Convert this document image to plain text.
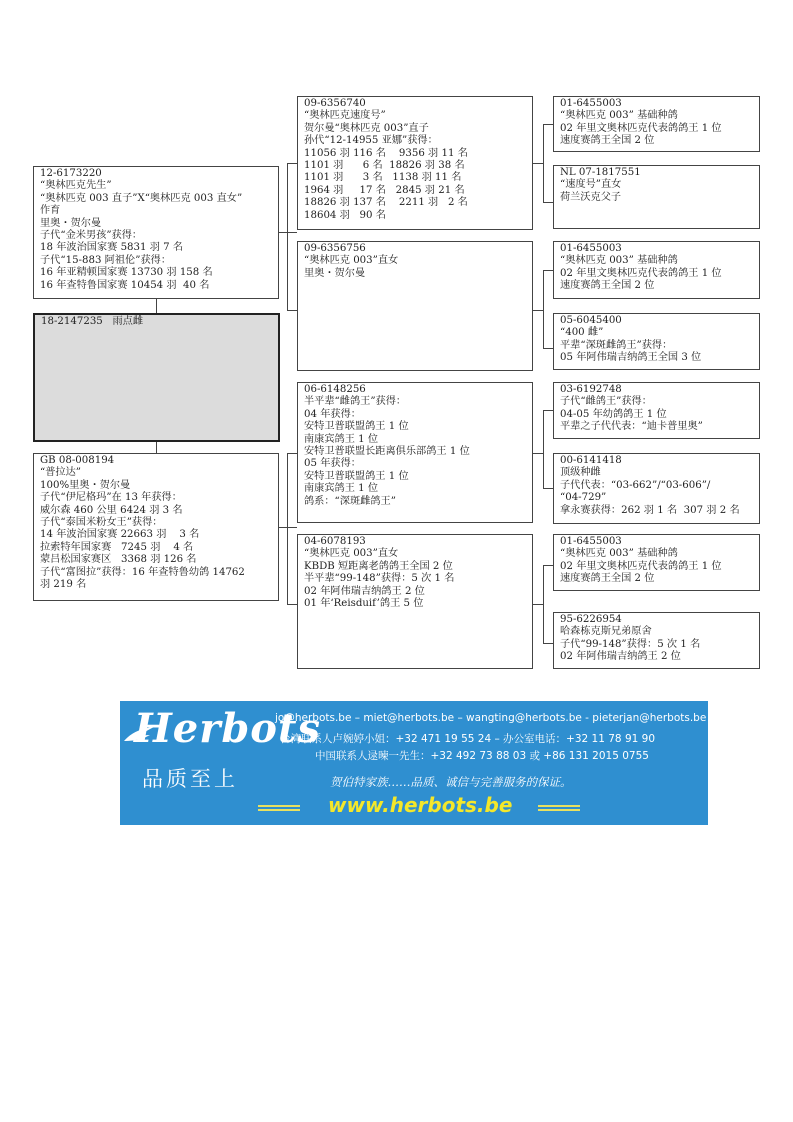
12-6173220
“奥林匹克先生”
“奥林匹克 003 直子”X“奥林匹克 003 直女”
作育
里奥・贺尔曼
子代“金米男孩”获得：
18 年波治国家赛 5831 羽 7 名
子代“15-883 阿祖伦”获得：
16 年亚精顿国家赛 13730 羽 158 名
16 年查特鲁国家赛 10454 羽  40 名
18-2147235 雨点雌
GB 08-008194
“普拉达”
100%里奥・贺尔曼
子代“伊尼格玛”在 13 年获得：
威尔森 460 公里 6424 羽 3 名
子代“泰国米粉女王”获得：
14 年波治国家赛 22663 羽    3 名
拉索特年国家赛   7245 羽    4 名
蒙吕松国家赛区   3368 羽 126 名
子代“富图拉”获得：16 年查特鲁幼鸽 14762
羽 219 名
09-6356740
“奥林匹克速度号”
贺尔曼“奥林匹克 003”直子
孙代“12-14955 亚娜”获得：
11056 羽 116 名    9356 羽 11 名
1101 羽      6 名  18826 羽 38 名
1101 羽      3 名   1138 羽 11 名
1964 羽     17 名   2845 羽 21 名
18826 羽 137 名    2211 羽   2 名
18604 羽   90 名
09-6356756
“奥林匹克 003”直女
里奥・贺尔曼
06-6148256
半平辈“雌鸽王”获得：
04 年获得：
安特卫普联盟鸽王 1 位
南康宾鸽王 1 位
安特卫普联盟长距离俱乐部鸽王 1 位
05 年获得：
安特卫普联盟鸽王 1 位
南康宾鸽王 1 位
鸽系：“深斑雌鸽王”
04-6078193
“奥林匹克 003”直女
KBDB 短距离老鸽鸽王全国 2 位
半平辈“99-148”获得：5 次 1 名
02 年阿伟瑞吉纳鸽王 2 位
01 年‘Reisduif’鸽王 5 位
01-6455003
“奥林匹克 003” 基础种鸽
02 年里文奥林匹克代表鸽鸽王 1 位
速度赛鸽王全国 2 位
NL 07-1817551
“速度号”直女
荷兰沃克父子
01-6455003
“奥林匹克 003” 基础种鸽
02 年里文奥林匹克代表鸽鸽王 1 位
速度赛鸽王全国 2 位
05-6045400
“400 雌”
平辈“深斑雌鸽王”获得：
05 年阿伟瑞吉纳鸽王全国 3 位
03-6192748
子代“雌鸽王”获得：
04-05 年幼鸽鸽王 1 位
平辈之子代代表：“迪卡普里奥”
00-6141418
顶级种雌
子代代表：“03-662”/“03-606”/
“04-729”
拿永赛获得：262 羽 1 名  307 羽 2 名
01-6455003
“奥林匹克 003” 基础种鸽
02 年里文奥林匹克代表鸽鸽王 1 位
速度赛鸽王全国 2 位
95-6226954
哈森栋克斯兄弟原舍
子代“99-148”获得：5 次 1 名
02 年阿伟瑞吉纳鸽王 2 位
Herbots
品质至上
jo@herbots.be – miet@herbots.be – wangting@herbots.be - pieterjan@herbots.be
台湾联系人卢婉婷小姐：+32 471 19 55 24 – 办公室电话：+32 11 78 91 90
中国联系人逯暕一先生：+32 492 73 88 03 或 +86 131 2015 0755
贺伯特家族……品质、诚信与完善服务的保证。
www.herbots.be
